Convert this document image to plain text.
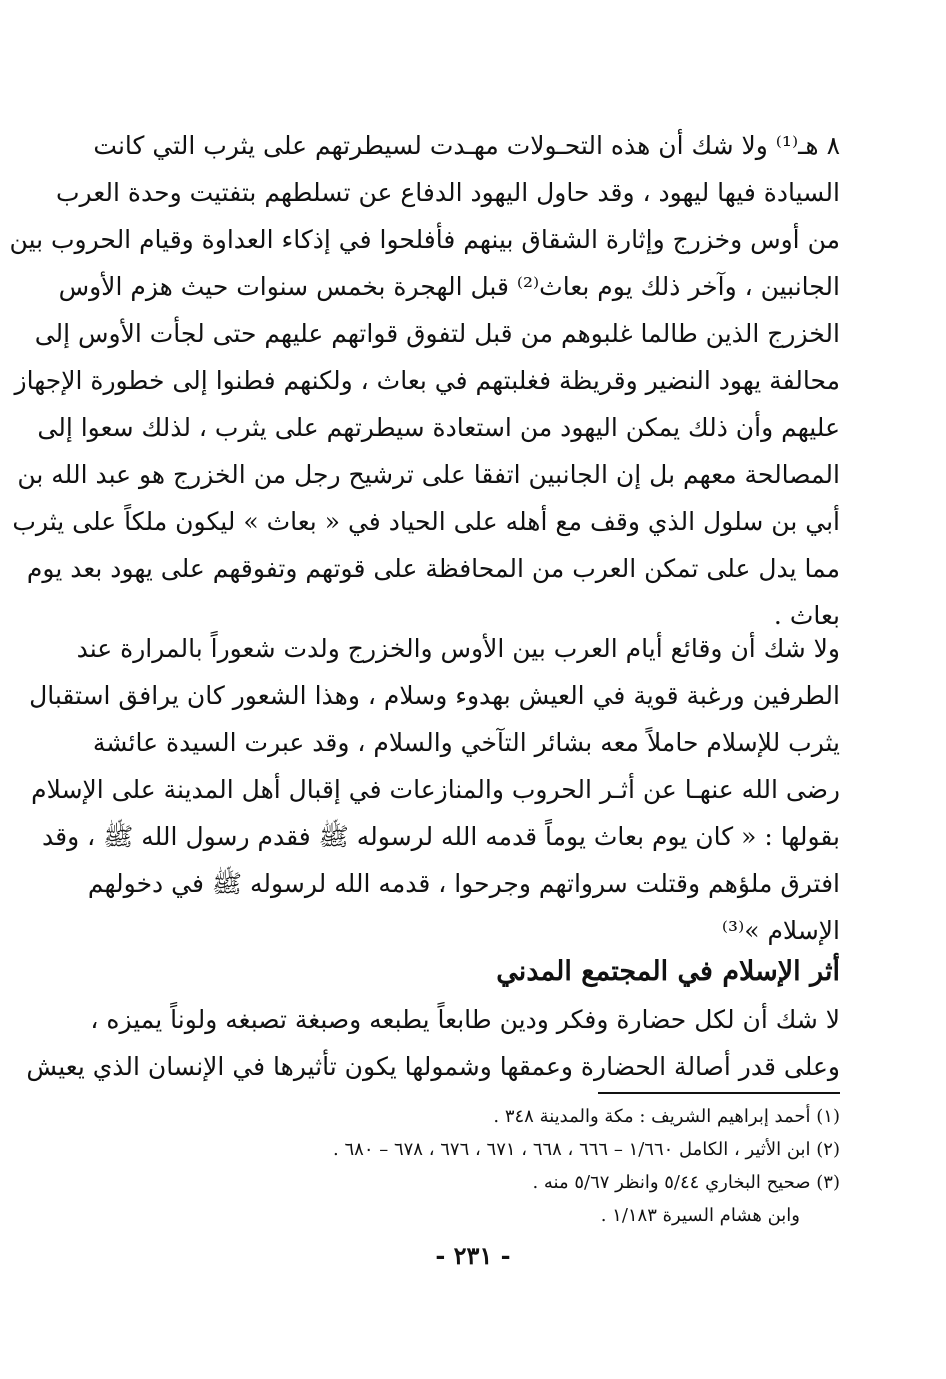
٨ هـ⁽¹⁾ ولا شك أن هذه التحـولات مهـدت لسيطرتهم على يثرب التي كانت
السيادة فيها ليهود ، وقد حاول اليهود الدفاع عن تسلطهم بتفتيت وحدة العرب
من أوس وخزرج وإثارة الشقاق بينهم فأفلحوا في إذكاء العداوة وقيام الحروب بين
الجانبين ، وآخر ذلك يوم بعاث⁽²⁾ قبل الهجرة بخمس سنوات حيث هزم الأوس
الخزرج الذين طالما غلبوهم من قبل لتفوق قواتهم عليهم حتى لجأت الأوس إلى
محالفة يهود النضير وقريظة فغلبتهم في بعاث ، ولكنهم فطنوا إلى خطورة الإجهاز
عليهم وأن ذلك يمكن اليهود من استعادة سيطرتهم على يثرب ، لذلك سعوا إلى
المصالحة معهم بل إن الجانبين اتفقا على ترشيح رجل من الخزرج هو عبد الله بن
أبي بن سلول الذي وقف مع أهله على الحياد في « بعاث » ليكون ملكاً على يثرب
مما يدل على تمكن العرب من المحافظة على قوتهم وتفوقهم على يهود بعد يوم
بعاث .
ولا شك أن وقائع أيام العرب بين الأوس والخزرج ولدت شعوراً بالمرارة عند
الطرفين ورغبة قوية في العيش بهدوء وسلام ، وهذا الشعور كان يرافق استقبال
يثرب للإسلام حاملاً معه بشائر التآخي والسلام ، وقد عبرت السيدة عائشة
رضى الله عنهـا عن أثـر الحروب والمنازعات في إقبال أهل المدينة على الإسلام
بقولها : « كان يوم بعاث يوماً قدمه الله لرسوله ﷺ فقدم رسول الله ﷺ ، وقد
افترق ملؤهم وقتلت سرواتهم وجرحوا ، قدمه الله لرسوله ﷺ في دخولهم
الإسلام »⁽³⁾
أثر الإسلام في المجتمع المدني
لا شك أن لكل حضارة وفكر ودين طابعاً يطبعه وصبغة تصبغه ولوناً يميزه ،
وعلى قدر أصالة الحضارة وعمقها وشمولها يكون تأثيرها في الإنسان الذي يعيش
(١) أحمد إبراهيم الشريف : مكة والمدينة ٣٤٨ .
(٢) ابن الأثير ، الكامل ١/٦٦٠ – ٦٦٦ ، ٦٦٨ ، ٦٧١ ، ٦٧٦ ، ٦٧٨ – ٦٨٠ .
(٣) صحيح البخاري ٥/٤٤ وانظر ٥/٦٧ منه .
وابن هشام السيرة ١/١٨٣ .
- ٢٣١ -
